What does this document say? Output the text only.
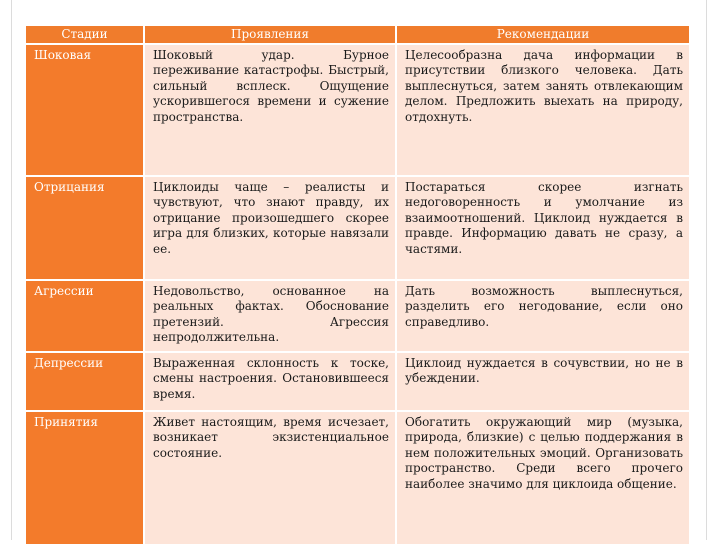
Стадии	Проявления	Рекомендации
Шоковая	Шоковый удар. Бурное переживание катастрофы. Быстрый, сильный всплеск. Ощущение ускорившегося времени и сужение пространства.	Целесообразна дача информации в присутствии близкого человека. Дать выплеснуться, затем занять отвлекающим делом. Предложить выехать на природу, отдохнуть.
Отрицания	Циклоиды чаще – реалисты и чувствуют, что знают правду, их отрицание произошедшего скорее игра для близких, которые навязали ее.	Постараться скорее изгнать недоговоренность и умолчание из взаимоотношений. Циклоид нуждается в правде. Информацию давать не сразу, а частями.
Агрессии	Недовольство, основанное на реальных фактах. Обоснование претензий. Агрессия непродолжительна.	Дать возможность выплеснуться, разделить его негодование, если оно справедливо.
Депрессии	Выраженная склонность к тоске, смены настроения. Остановившееся время.	Циклоид нуждается в сочувствии, но не в убеждении.
Принятия	Живет настоящим, время исчезает, возникает экзистенциальное состояние.	Обогатить окружающий мир (музыка, природа, близкие) с целью поддержания в нем положительных эмоций. Организовать пространство. Среди всего прочего наиболее значимо для циклоида общение.
